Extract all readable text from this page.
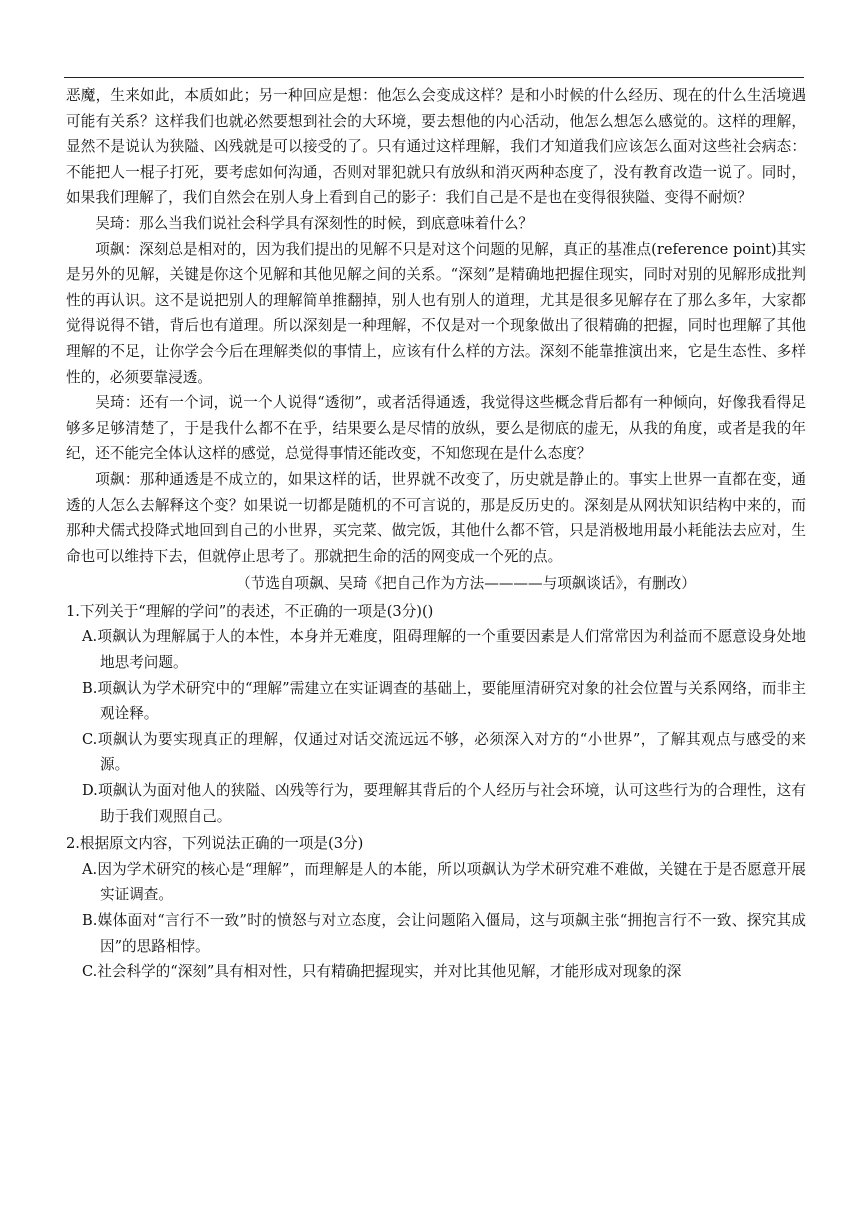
恶魔，生来如此，本质如此；另一种回应是想：他怎么会变成这样？是和小时候的什么经历、现在的什么生活境遇可能有关系？这样我们也就必然要想到社会的大环境，要去想他的内心活动，他怎么想怎么感觉的。这样的理解，显然不是说认为狭隘、凶残就是可以接受的了。只有通过这样理解，我们才知道我们应该怎么面对这些社会病态：不能把人一棍子打死，要考虑如何沟通，否则对罪犯就只有放纵和消灭两种态度了，没有教育改造一说了。同时，如果我们理解了，我们自然会在别人身上看到自己的影子：我们自己是不是也在变得很狭隘、变得不耐烦？

吴琦：那么当我们说社会科学具有深刻性的时候，到底意味着什么？

项飙：深刻总是相对的，因为我们提出的见解不只是对这个问题的见解，真正的基准点(reference point)其实是另外的见解，关键是你这个见解和其他见解之间的关系。“深刻”是精确地把握住现实，同时对别的见解形成批判性的再认识。这不是说把别人的理解简单推翻掉，别人也有别人的道理，尤其是很多见解存在了那么多年，大家都觉得说得不错，背后也有道理。所以深刻是一种理解，不仅是对一个现象做出了很精确的把握，同时也理解了其他理解的不足，让你学会今后在理解类似的事情上，应该有什么样的方法。深刻不能靠推演出来，它是生态性、多样性的，必须要靠浸透。

吴琦：还有一个词，说一个人说得“透彻”，或者活得通透，我觉得这些概念背后都有一种倾向，好像我看得足够多足够清楚了，于是我什么都不在乎，结果要么是尽情的放纵，要么是彻底的虚无，从我的角度，或者是我的年纪，还不能完全体认这样的感觉，总觉得事情还能改变，不知您现在是什么态度？

项飙：那种通透是不成立的，如果这样的话，世界就不改变了，历史就是静止的。事实上世界一直都在变，通透的人怎么去解释这个变？如果说一切都是随机的不可言说的，那是反历史的。深刻是从网状知识结构中来的，而那种犬儒式投降式地回到自己的小世界，买完菜、做完饭，其他什么都不管，只是消极地用最小耗能法去应对，生命也可以维持下去，但就停止思考了。那就把生命的活的网变成一个死的点。

（节选自项飙、吴琦《把自己作为方法————与项飙谈话》，有删改）

1.下列关于“理解的学问”的表述，不正确的一项是(3分)()

A.项飙认为理解属于人的本性，本身并无难度，阻碍理解的一个重要因素是人们常常因为利益而不愿意设身处地地思考问题。

B.项飙认为学术研究中的“理解”需建立在实证调查的基础上，要能厘清研究对象的社会位置与关系网络，而非主观诠释。

C.项飙认为要实现真正的理解，仅通过对话交流远远不够，必须深入对方的“小世界”，了解其观点与感受的来源。

D.项飙认为面对他人的狭隘、凶残等行为，要理解其背后的个人经历与社会环境，认可这些行为的合理性，这有助于我们观照自己。

2.根据原文内容，下列说法正确的一项是(3分)

A.因为学术研究的核心是“理解”，而理解是人的本能，所以项飙认为学术研究难不难做，关键在于是否愿意开展实证调查。

B.媒体面对“言行不一致”时的愤怒与对立态度，会让问题陷入僵局，这与项飙主张“拥抱言行不一致、探究其成因”的思路相悖。

C.社会科学的“深刻”具有相对性，只有精确把握现实，并对比其他见解，才能形成对现象的深
